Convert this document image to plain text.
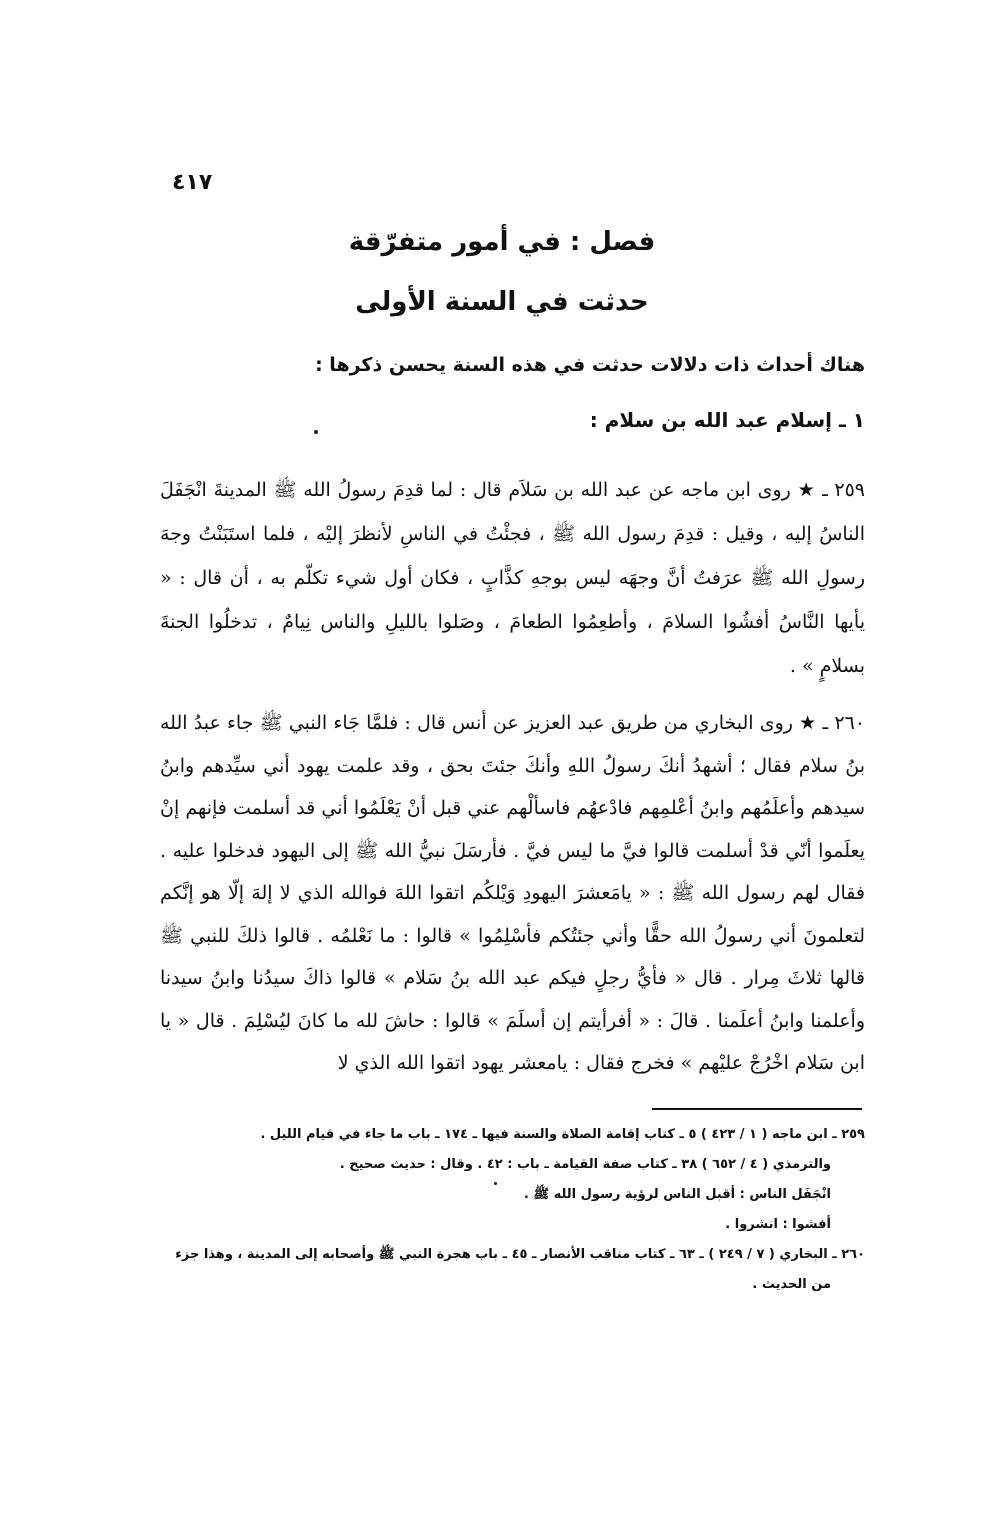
٤١٧
فصل : في أمور متفرّقة
حدثت في السنة الأولى
هناك أحداث ذات دلالات حدثت في هذه السنة يحسن ذكرها :
١ ـ إسلام عبد الله بن سلام :
٢٥٩ ـ ★ روى ابن ماجه عن عبد الله بن سَلاَم قال : لما قدِمَ رسولُ الله ﷺ المدينةَ انْجَفَلَ الناسُ إليه ، وقيل : قدِمَ رسول الله ﷺ ، فجئْتُ في الناسِ لأنظرَ إليْه ، فلما استَبَنْتُ وجهَ رسولِ الله ﷺ عرَفتُ أنَّ وجهَه ليس بوجهِ كذَّابٍ ، فكان أول شيء تكلّم به ، أن قال : « يأيها النَّاسُ أفشُوا السلامَ ، وأطعِمُوا الطعامَ ، وصَلوا بالليلِ والناس نِيامٌ ، تدخلُوا الجنةَ بسلامٍ » .
٢٦٠ ـ ★ روى البخاري من طريق عبد العزيز عن أنس قال : فلمَّا جَاء النبي ﷺ جاء عبدُ الله بنُ سلام فقال ؛ أشهدُ أنكَ رسولُ اللهِ وأنكَ جئتَ بحق ، وقد علمت يهود أني سيِّدهم وابنُ سيدهم وأعلَمُهم وابنُ أعْلمِهم فادْعهُم فاسألْهم عني قبل أنْ يَعْلَمُوا أني قد أسلمت فإنهم إنْ يعلَموا أنّي قدْ أسلمت قالوا فيَّ ما ليس فيَّ . فأرسَلَ نبيُّ الله ﷺ إلى اليهود فدخلوا عليه . فقال لهم رسول الله ﷺ : « يامَعشرَ اليهودِ وَيْلكُم اتقوا اللهَ فوالله الذي لا إلهَ إلّا هو إنَّكم لتعلمونَ أني رسولُ الله حقًّا وأني جئتُكم فأسْلِمُوا » قالوا : ما نَعْلمُه . قالوا ذلكَ للنبي ﷺ قالها ثلاثَ مِرار . قال « فأيُّ رجلٍ فيكم عبد الله بنُ سَلام » قالوا ذاكَ سيدُنا وابنُ سيدنا وأعلمنا وابنُ أعلَمنا . قالَ : « أفرأيتم إن أسلَمَ » قالوا : حاشَ لله ما كانَ ليُسْلِمَ . قال « يا ابن سَلام اخْرُجْ عليْهم » فخرج فقال : يامعشر يهود اتقوا الله الذي لا
٢٥٩ ـ ابن ماجه ( ١ / ٤٢٣ ) ٥ ـ كتاب إقامة الصلاة والسنة فيها ـ ١٧٤ ـ باب ما جاء في قيام الليل .
والترمذي ( ٤ / ٦٥٢ ) ٣٨ ـ كتاب صفة القيامة ـ باب : ٤٢ . وقال : حديث صحيح .
انْجَفَل الناس : أقبل الناس لرؤية رسول الله ﷺ .
أفشوا : انشروا .
٢٦٠ ـ البخاري ( ٧ / ٢٤٩ ) ـ ٦٣ ـ كتاب مناقب الأنصار ـ ٤٥ ـ باب هجرة النبي ﷺ وأصحابه إلى المدينة ، وهذا جزء
من الحديث .
